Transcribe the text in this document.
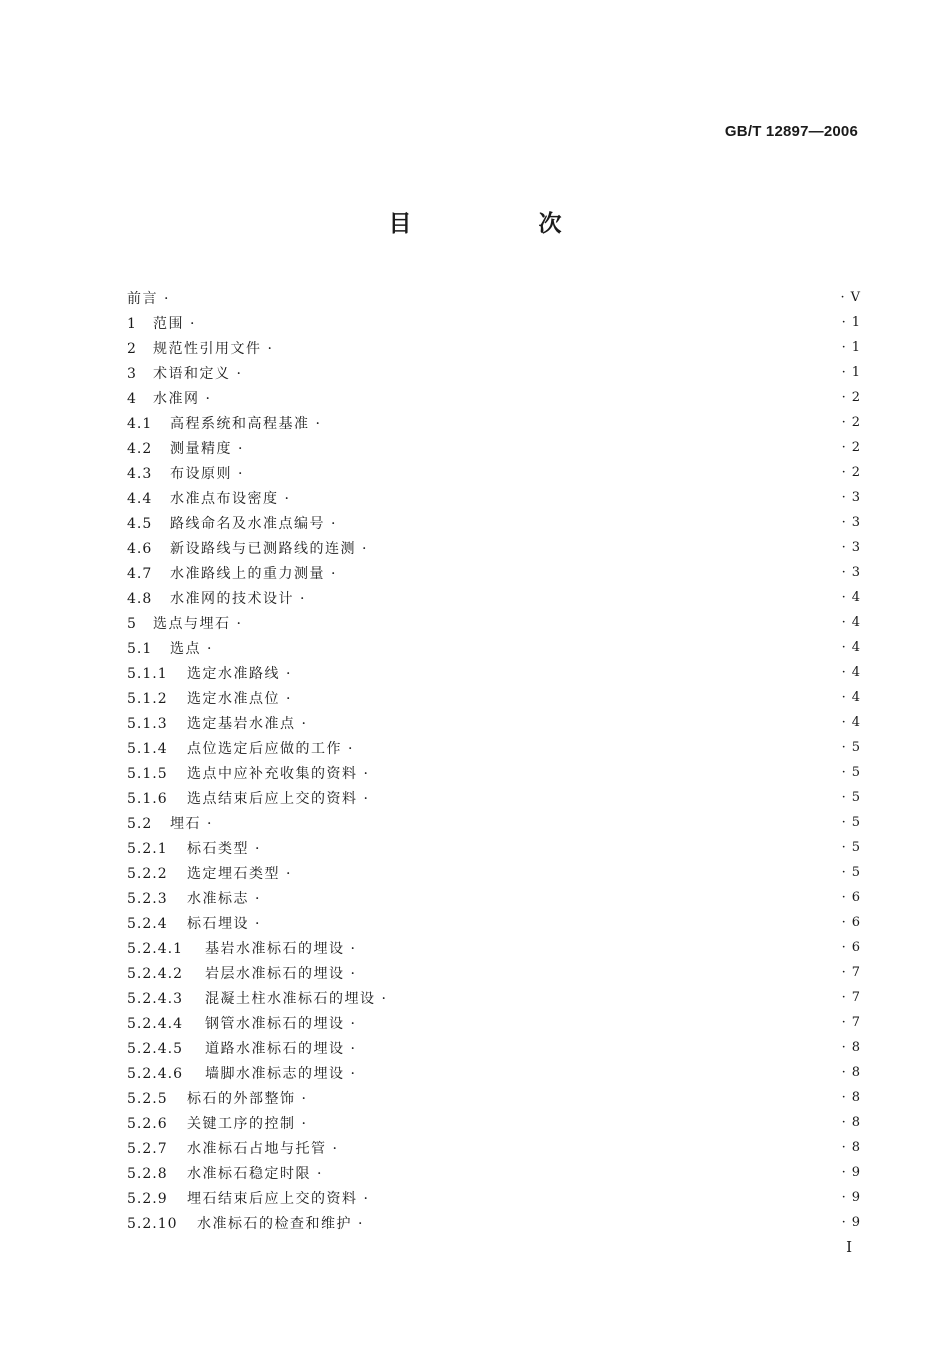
GB/T 12897—2006
目　次
前言 ·	· V
1 范围 ·	· 1
2 规范性引用文件 ·	· 1
3 术语和定义 ·	· 1
4 水准网 ·	· 2
4.1 高程系统和高程基准 ·	· 2
4.2 测量精度 ·	· 2
4.3 布设原则 ·	· 2
4.4 水准点布设密度 ·	· 3
4.5 路线命名及水准点编号 ·	· 3
4.6 新设路线与已测路线的连测 ·	· 3
4.7 水准路线上的重力测量 ·	· 3
4.8 水准网的技术设计 ·	· 4
5 选点与埋石 ·	· 4
5.1 选点 ·	· 4
5.1.1 选定水准路线 ·	· 4
5.1.2 选定水准点位 ·	· 4
5.1.3 选定基岩水准点 ·	· 4
5.1.4 点位选定后应做的工作 ·	· 5
5.1.5 选点中应补充收集的资料 ·	· 5
5.1.6 选点结束后应上交的资料 ·	· 5
5.2 埋石 ·	· 5
5.2.1 标石类型 ·	· 5
5.2.2 选定埋石类型 ·	· 5
5.2.3 水准标志 ·	· 6
5.2.4 标石埋设 ·	· 6
5.2.4.1 基岩水准标石的埋设 ·	· 6
5.2.4.2 岩层水准标石的埋设 ·	· 7
5.2.4.3 混凝土柱水准标石的埋设 ·	· 7
5.2.4.4 钢管水准标石的埋设 ·	· 7
5.2.4.5 道路水准标石的埋设 ·	· 8
5.2.4.6 墙脚水准标志的埋设 ·	· 8
5.2.5 标石的外部整饰 ·	· 8
5.2.6 关键工序的控制 ·	· 8
5.2.7 水准标石占地与托管 ·	· 8
5.2.8 水准标石稳定时限 ·	· 9
5.2.9 埋石结束后应上交的资料 ·	· 9
5.2.10 水准标石的检查和维护 ·	· 9
I
